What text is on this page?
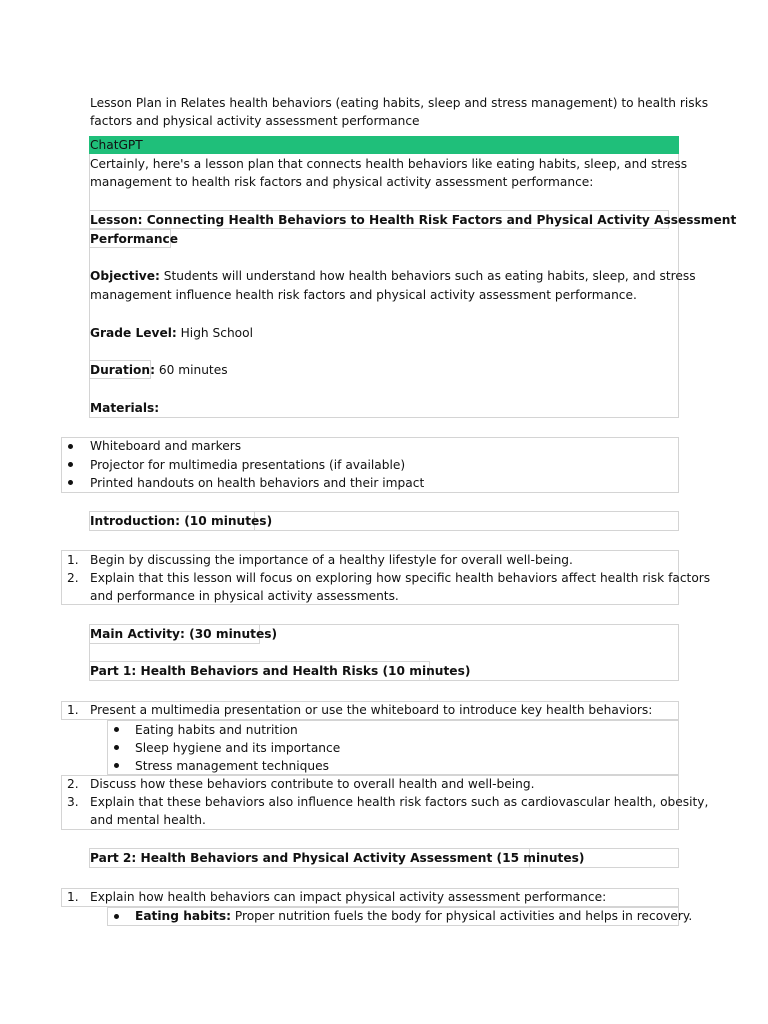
Lesson Plan in Relates health behaviors (eating habits, sleep and stress management) to health risks
factors and physical activity assessment performance
ChatGPT
Certainly, here's a lesson plan that connects health behaviors like eating habits, sleep, and stress
management to health risk factors and physical activity assessment performance:
Lesson: Connecting Health Behaviors to Health Risk Factors and Physical Activity Assessment
Performance
Objective: Students will understand how health behaviors such as eating habits, sleep, and stress
management influence health risk factors and physical activity assessment performance.
Grade Level: High School
Duration: 60 minutes
Materials:
Whiteboard and markers
Projector for multimedia presentations (if available)
Printed handouts on health behaviors and their impact
Introduction: (10 minutes)
1. Begin by discussing the importance of a healthy lifestyle for overall well-being.
2. Explain that this lesson will focus on exploring how specific health behaviors affect health risk factors
and performance in physical activity assessments.
Main Activity: (30 minutes)
Part 1: Health Behaviors and Health Risks (10 minutes)
1. Present a multimedia presentation or use the whiteboard to introduce key health behaviors:
Eating habits and nutrition
Sleep hygiene and its importance
Stress management techniques
2. Discuss how these behaviors contribute to overall health and well-being.
3. Explain that these behaviors also influence health risk factors such as cardiovascular health, obesity,
and mental health.
Part 2: Health Behaviors and Physical Activity Assessment (15 minutes)
1. Explain how health behaviors can impact physical activity assessment performance:
Eating habits: Proper nutrition fuels the body for physical activities and helps in recovery.
